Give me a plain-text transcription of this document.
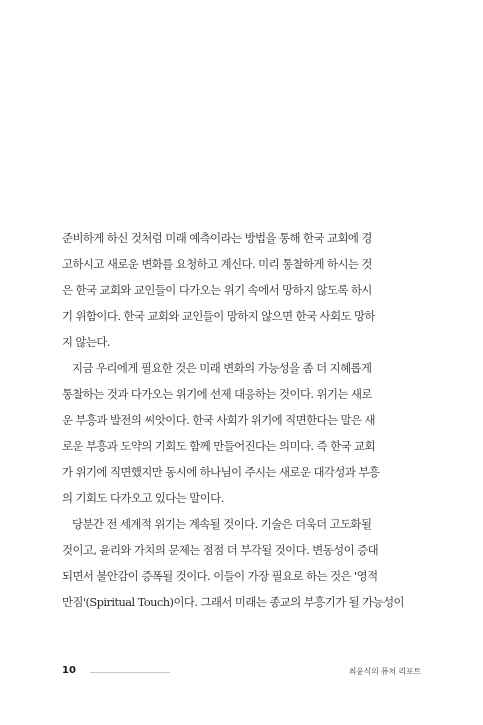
준비하게 하신 것처럼 미래 예측이라는 방법을 통해 한국 교회에 경
고하시고 새로운 변화를 요청하고 계신다. 미리 통찰하게 하시는 것
은 한국 교회와 교인들이 다가오는 위기 속에서 망하지 않도록 하시
기 위함이다. 한국 교회와 교인들이 망하지 않으면 한국 사회도 망하
지 않는다.
지금 우리에게 필요한 것은 미래 변화의 가능성을 좀 더 지혜롭게
통찰하는 것과 다가오는 위기에 선제 대응하는 것이다. 위기는 새로
운 부흥과 발전의 씨앗이다. 한국 사회가 위기에 직면한다는 말은 새
로운 부흥과 도약의 기회도 함께 만들어진다는 의미다. 즉 한국 교회
가 위기에 직면했지만 동시에 하나님이 주시는 새로운 대각성과 부흥
의 기회도 다가오고 있다는 말이다.
당분간 전 세계적 위기는 계속될 것이다. 기술은 더욱더 고도화될
것이고, 윤리와 가치의 문제는 점점 더 부각될 것이다. 변동성이 증대
되면서 불안감이 증폭될 것이다. 이들이 가장 필요로 하는 것은 '영적
만짐'(Spiritual Touch)이다. 그래서 미래는 종교의 부흥기가 될 가능성이
10	최윤식의 퓨처 리포트
